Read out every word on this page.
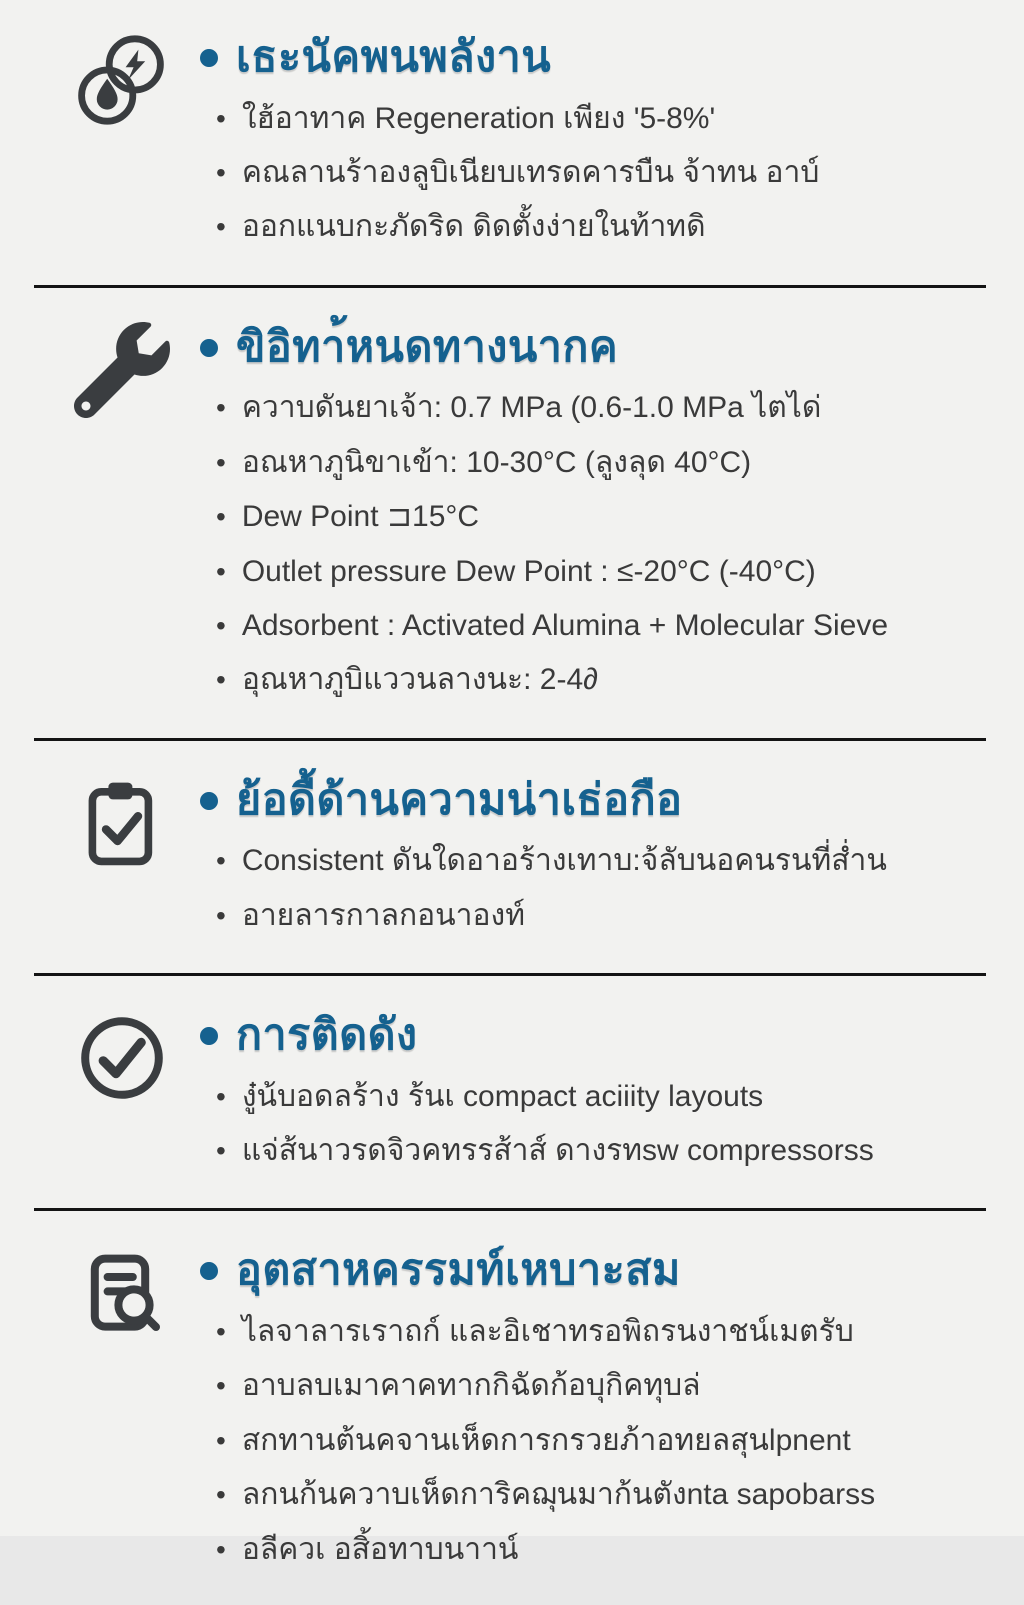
เธะนัคพนพลังาน
• ใฮ้อาทาค Regeneration เพียง '5-8%'
• คณลานร้าองลูบิเนียบเทรดคารบืน จ้าทน อาบ์
• ออกแนบกะภัดริด ดิดตั้งง่ายในท้าทดิ
ขิอิทา้หนดทางนากค
• ควาบดันยาเจ้า: 0.7 MPa (0.6-1.0 MPa ไตได่
• อณหาภูนิขาเข้า: 10-30°C (ลูงลุด 40°C)
• Dew Point ⊐15°C
• Outlet pressure Dew Point : ≤-20°C (-40°C)
• Adsorbent : Activated Alumina + Molecular Sieve
• อุณหาภูบิแววนลางนะ: 2-4∂
ย้อดื้ด้านความน่าเธ่อกือ
• Consistent ดันใดอาอร้างเทาบ:จ้ลับนอคนรนที่ส่ำน
• อายลารกาลกอนาองท์
การติดดัง
• งู๋น้บอดลร้าง ร้นเ compact aciiity layouts
• แจ่ส้นาวรดจิวคทรรส้าส์ ดางรทsw compressorss
อุตสาหครรมท์เหบาะสม
• ไลจาลารเราถก์ และอิเชาทรอพิถรนงาชน์เมตรับ
• อาบลบเมาคาคทากกิฉัดก้อบุกิคทุบล่
• สกทานต้นคจานเห็ดการกรวยภ้าอทยลสุนlpnent
• ลกนก้นควาบเห็ดการิคฌุนมาก้นตังnta sapobarss
• อลีควเ อสิ้อทาบนาาน์
